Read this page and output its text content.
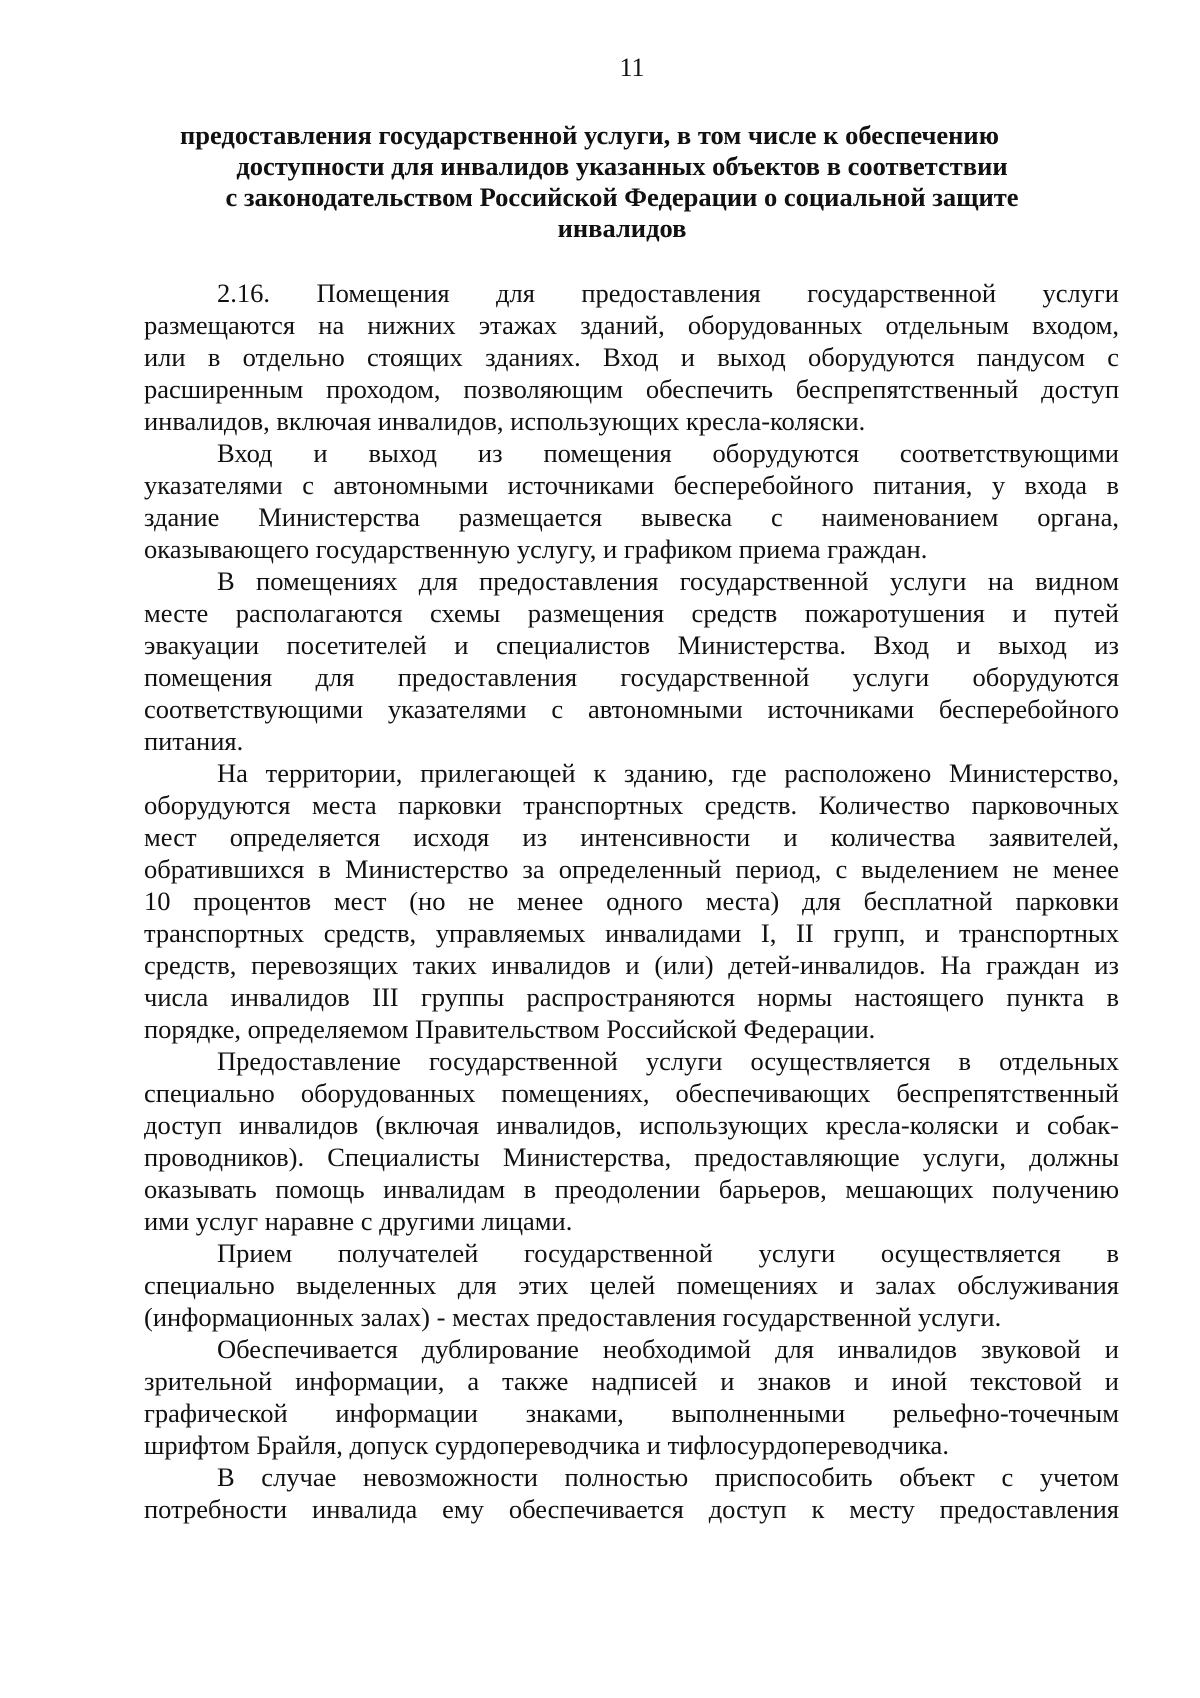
11
предоставления государственной услуги, в том числе к обеспечению
доступности для инвалидов указанных объектов в соответствии
с законодательством Российской Федерации о социальной защите
инвалидов
2.16. Помещения для предоставления государственной услуги
размещаются на нижних этажах зданий, оборудованных отдельным входом,
или в отдельно стоящих зданиях. Вход и выход оборудуются пандусом с
расширенным проходом, позволяющим обеспечить беспрепятственный доступ
инвалидов, включая инвалидов, использующих кресла-коляски.
Вход и выход из помещения оборудуются соответствующими
указателями с автономными источниками бесперебойного питания, у входа в
здание Министерства размещается вывеска с наименованием органа,
оказывающего государственную услугу, и графиком приема граждан.
В помещениях для предоставления государственной услуги на видном
месте располагаются схемы размещения средств пожаротушения и путей
эвакуации посетителей и специалистов Министерства. Вход и выход из
помещения для предоставления государственной услуги оборудуются
соответствующими указателями с автономными источниками бесперебойного
питания.
На территории, прилегающей к зданию, где расположено Министерство,
оборудуются места парковки транспортных средств. Количество парковочных
мест определяется исходя из интенсивности и количества заявителей,
обратившихся в Министерство за определенный период, с выделением не менее
10 процентов мест (но не менее одного места) для бесплатной парковки
транспортных средств, управляемых инвалидами I, II групп, и транспортных
средств, перевозящих таких инвалидов и (или) детей-инвалидов. На граждан из
числа инвалидов III группы распространяются нормы настоящего пункта в
порядке, определяемом Правительством Российской Федерации.
Предоставление государственной услуги осуществляется в отдельных
специально оборудованных помещениях, обеспечивающих беспрепятственный
доступ инвалидов (включая инвалидов, использующих кресла-коляски и собак-
проводников). Специалисты Министерства, предоставляющие услуги, должны
оказывать помощь инвалидам в преодолении барьеров, мешающих получению
ими услуг наравне с другими лицами.
Прием получателей государственной услуги осуществляется в
специально выделенных для этих целей помещениях и залах обслуживания
(информационных залах) - местах предоставления государственной услуги.
Обеспечивается дублирование необходимой для инвалидов звуковой и
зрительной информации, а также надписей и знаков и иной текстовой и
графической информации знаками, выполненными рельефно-точечным
шрифтом Брайля, допуск сурдопереводчика и тифлосурдопереводчика.
В случае невозможности полностью приспособить объект с учетом
потребности инвалида ему обеспечивается доступ к месту предоставления
